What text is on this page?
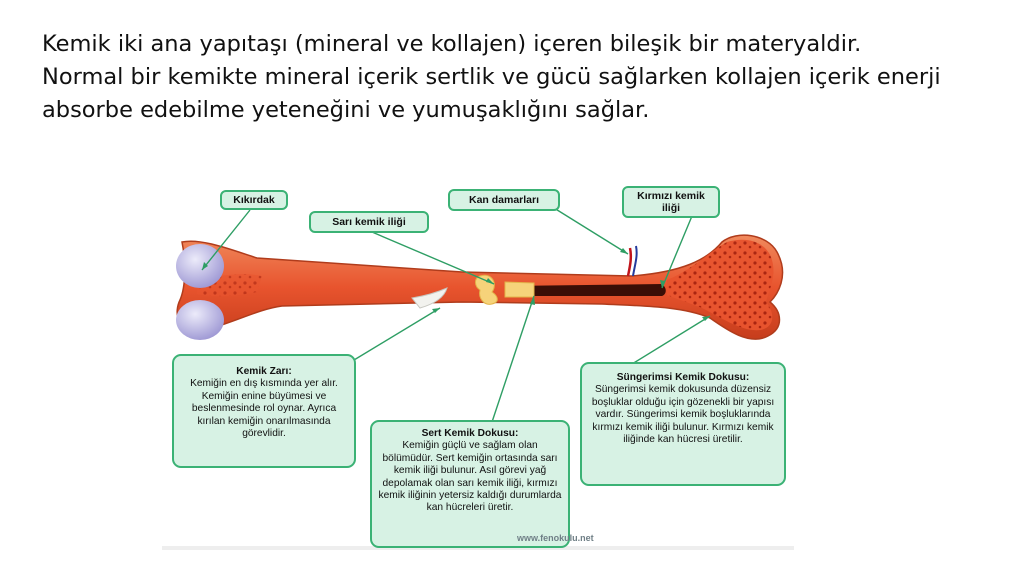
Kemik iki ana yapıtaşı (mineral ve kollajen) içeren bileşik bir materyaldir. Normal bir kemikte mineral içerik sertlik ve gücü sağlarken kollajen içerik enerji absorbe edebilme yeteneğini ve yumuşaklığını sağlar.

Kıkırdak
Sarı kemik iliği
Kan damarları	Kırmızı kemik iliği
Kemik Zarı:
Kemiğin en dış kısmında yer alır. Kemiğin enine büyümesi ve beslenmesinde rol oynar. Ayrıca kırılan kemiğin onarılmasında görevlidir.	Sert Kemik Dokusu:
Kemiğin güçlü ve sağlam olan bölümüdür. Sert kemiğin ortasında sarı kemik iliği bulunur. Asıl görevi yağ depolamak olan sarı kemik iliği, kırmızı kemik iliğinin yetersiz kaldığı durumlarda kan hücreleri üretir.
Süngerimsi Kemik Dokusu:
Süngerimsi kemik dokusunda düzensiz boşluklar olduğu için gözenekli bir yapısı vardır. Süngerimsi kemik boşluklarında kırmızı kemik iliği bulunur. Kırmızı kemik iliğinde kan hücresi üretilir.
www.fenokulu.net
